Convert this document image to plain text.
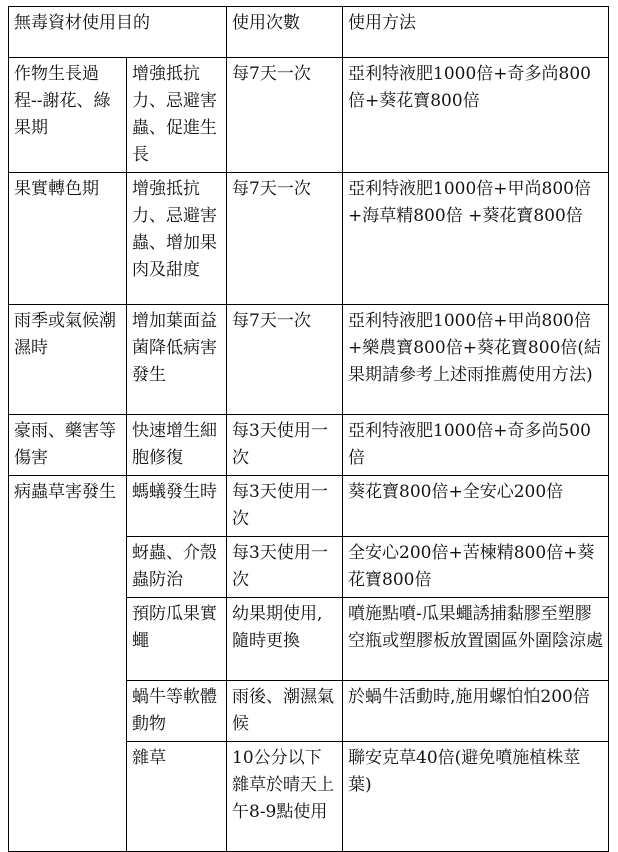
無毒資材使用目的		使用次數	使用方法
作物生長過程--謝花、綠果期	增強抵抗力、忌避害蟲、促進生長	每7天一次	亞利特液肥1000倍+奇多尚800倍+葵花寶800倍
果實轉色期	增強抵抗力、忌避害蟲、增加果肉及甜度	每7天一次	亞利特液肥1000倍+甲尚800倍+海草精800倍 +葵花寶800倍
雨季或氣候潮濕時	增加葉面益菌降低病害發生	每7天一次	亞利特液肥1000倍+甲尚800倍+樂農寶800倍+葵花寶800倍(結果期請參考上述雨推薦使用方法)
豪雨、藥害等傷害	快速增生細胞修復	每3天使用一次	亞利特液肥1000倍+奇多尚500倍
病蟲草害發生	螞蟻發生時	每3天使用一次	葵花寶800倍+全安心200倍
	蚜蟲、介殼蟲防治	每3天使用一次	全安心200倍+苦楝精800倍+葵花寶800倍
	預防瓜果實蠅	幼果期使用,隨時更換	噴施點噴-瓜果蠅誘捕黏膠至塑膠空瓶或塑膠板放置園區外圍陰涼處
	蝸牛等軟體動物	雨後、潮濕氣候	於蝸牛活動時,施用螺怕怕200倍
	雜草	10公分以下雜草於晴天上午8-9點使用	聯安克草40倍(避免噴施植株莖葉)
